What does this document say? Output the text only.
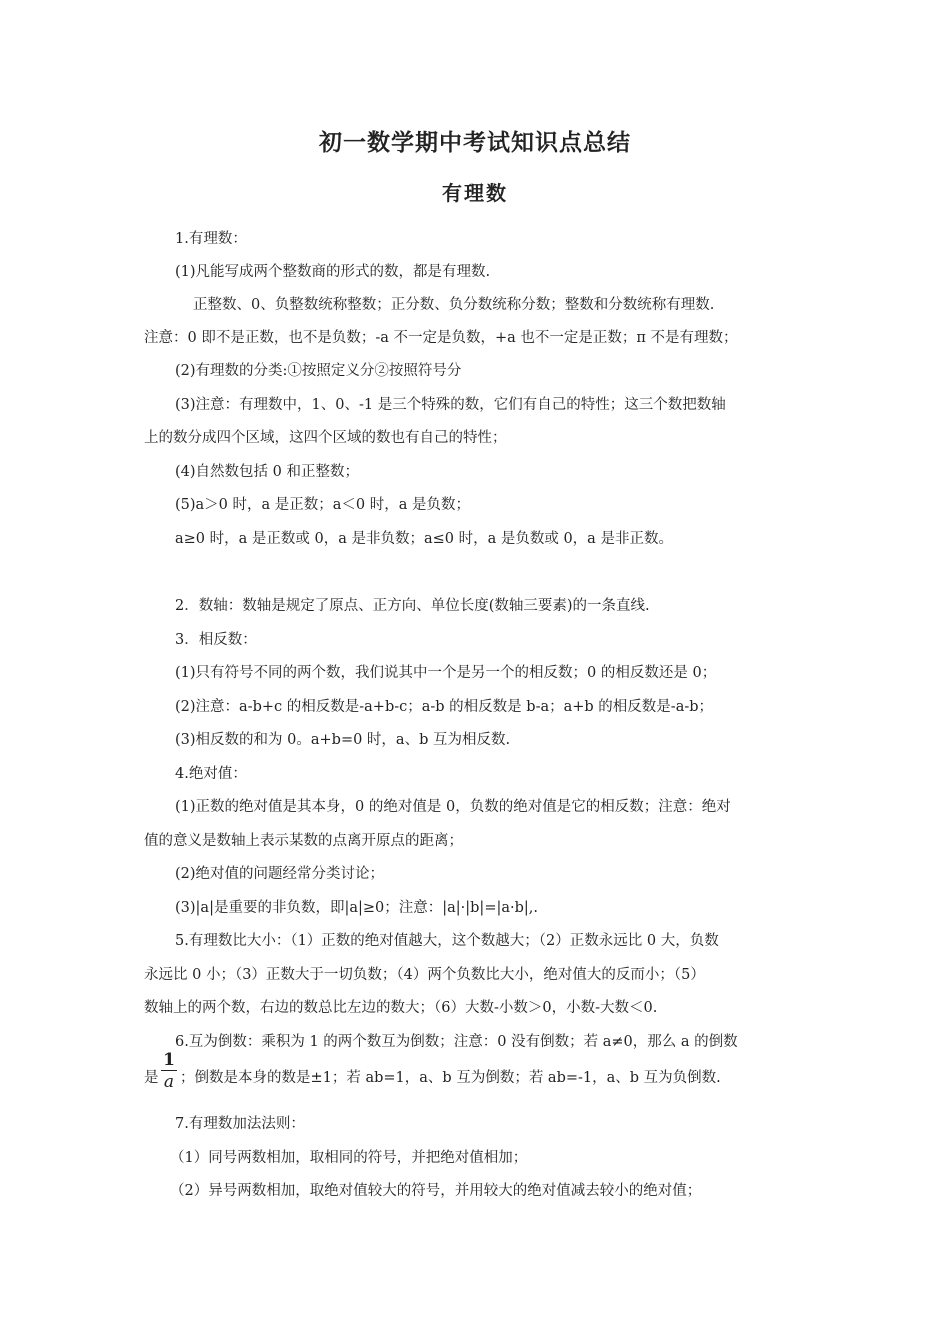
初一数学期中考试知识点总结
有理数
1.有理数：
(1)凡能写成两个整数商的形式的数，都是有理数.
正整数、0、负整数统称整数；正分数、负分数统称分数；整数和分数统称有理数.
注意：0 即不是正数，也不是负数；-a 不一定是负数，+a 也不一定是正数；π 不是有理数；
(2)有理数的分类:①按照定义分②按照符号分
(3)注意：有理数中，1、0、-1 是三个特殊的数，它们有自己的特性；这三个数把数轴
上的数分成四个区域，这四个区域的数也有自己的特性；
(4)自然数包括 0 和正整数；
(5)a＞0 时，a 是正数；a＜0 时，a 是负数；
a≥0 时，a 是正数或 0，a 是非负数；a≤0 时，a 是负数或 0，a 是非正数。
2．数轴：数轴是规定了原点、正方向、单位长度(数轴三要素)的一条直线.
3．相反数：
(1)只有符号不同的两个数，我们说其中一个是另一个的相反数；0 的相反数还是 0；
(2)注意：a-b+c 的相反数是-a+b-c；a-b 的相反数是 b-a；a+b 的相反数是-a-b；
(3)相反数的和为 0。a+b=0 时，a、b 互为相反数.
4.绝对值：
(1)正数的绝对值是其本身，0 的绝对值是 0，负数的绝对值是它的相反数；注意：绝对
值的意义是数轴上表示某数的点离开原点的距离；
(2)绝对值的问题经常分类讨论；
(3)|a|是重要的非负数，即|a|≥0；注意：|a|·|b|=|a·b|,.
5.有理数比大小：（1）正数的绝对值越大，这个数越大；（2）正数永远比 0 大，负数
永远比 0 小；（3）正数大于一切负数；（4）两个负数比大小，绝对值大的反而小；（5）
数轴上的两个数，右边的数总比左边的数大；（6）大数-小数＞0，小数-大数＜0.
6.互为倒数：乘积为 1 的两个数互为倒数；注意：0 没有倒数；若 a≠0，那么 a 的倒数
是
1
a ；倒数是本身的数是±1；若 ab=1，a、b 互为倒数；若 ab=-1，a、b 互为负倒数.
7.有理数加法法则：
（1）同号两数相加，取相同的符号，并把绝对值相加；
（2）异号两数相加，取绝对值较大的符号，并用较大的绝对值减去较小的绝对值；
